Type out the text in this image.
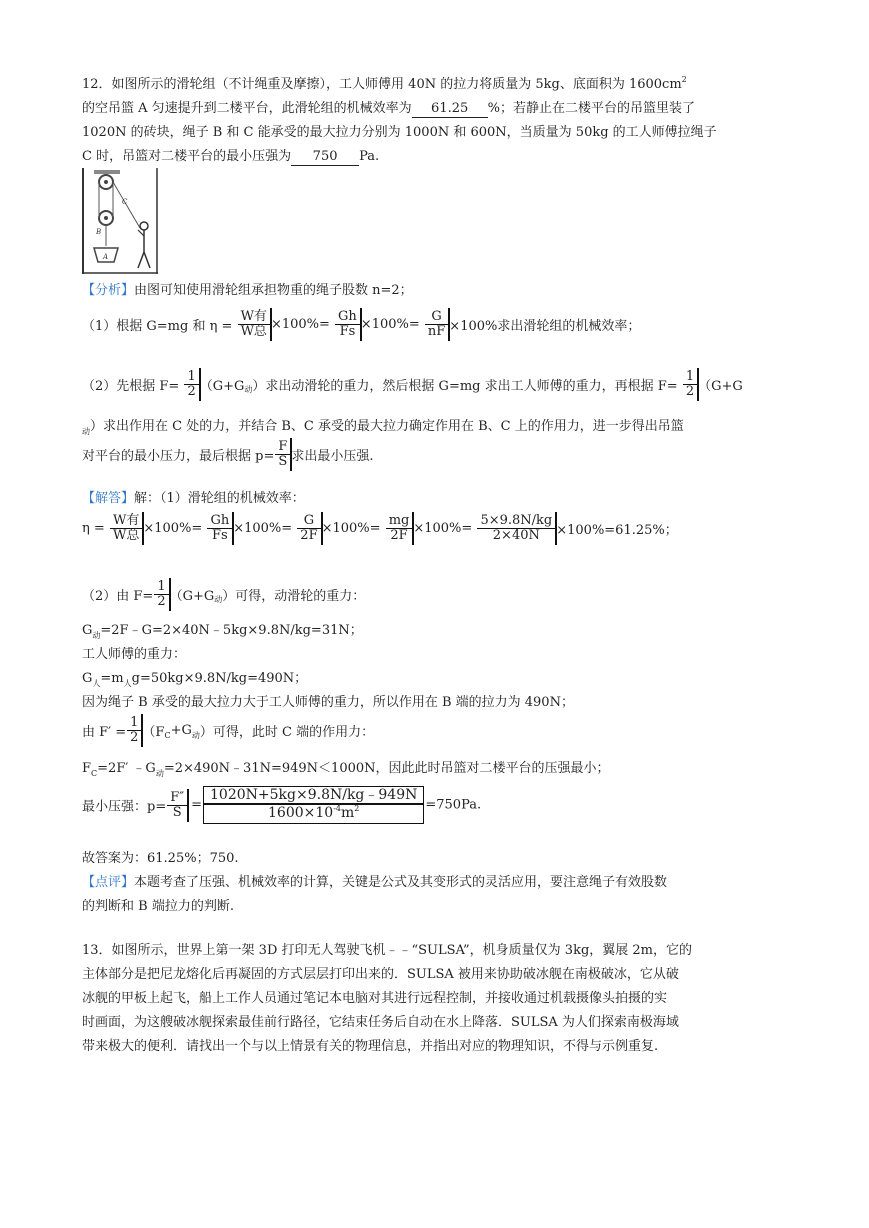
12．如图所示的滑轮组（不计绳重及摩擦），工人师傅用 40N 的拉力将质量为 5kg、底面积为 $1600cm^2$
的空吊篮 A 匀速提升到二楼平台，此滑轮组的机械效率为 61.25 %；若静止在二楼平台的吊篮里装了
1020N 的砖块，绳子 B 和 C 能承受的最大拉力分别为 1000N 和 600N，当质量为 50kg 的工人师傅拉绳子
C 时，吊篮对二楼平台的最小压强为 750 Pa.
C
B
A
【分析】由图可知使用滑轮组承担物重的绳子股数 n=2；
（1）根据 G=mg 和 η =
W有
W总 $\times 100\%= \frac{Gh}{Fs} \times 100\%= \frac{G}{nF} \times 100\%$求出滑轮组的机械效率；
（2）先根据 $F= \frac{1}{2} (G+G_动)$求出动滑轮的重力，然后根据 G=mg 求出工人师傅的重力，再根据 $F= \frac{1}{2} (G+G$
$_动$）求出作用在 C 处的力，并结合 B、C 承受的最大拉力确定作用在 B、C 上的作用力，进一步得出吊篮
对平台的最小压力，最后根据 $p= \frac{F}{S}$ 求出最小压强.
【解答】解：（1）滑轮组的机械效率：
η =
W有
W总 $\times 100\%= \frac{Gh}{Fs} \times 100\%= \frac{G}{2F} \times 100\%= \frac{mg}{2F} \times 100\%= \frac{5\times 9.8N/kg}{2\times 40N} \times 100\%=61.25\%$；
（2）由 $F= \frac{1}{2} (G+G_动)$可得，动滑轮的重力：
$G_动=2F﹣G=2\times 40N﹣5kg\times 9.8N/kg=31N$；
工人师傅的重力：
$G_人=m_人g=50kg\times 9.8N/kg=490N$；
因为绳子 B 承受的最大拉力大于工人师傅的重力，所以作用在 B 端的拉力为 490N；
由 $F' = \frac{1}{2} (F_C+G_动)$可得，此时 C 端的作用力：
$F_C=2F'$ $﹣G_动=2\times 490N﹣31N=949N<1000N$，因此此时吊篮对二楼平台的压强最小；
最小压强：$p= \frac{F''}{S} = \frac{1020N+5kg\times 9.8N/kg﹣949N}{1600\times 10^{-4}m^2} =750Pa$.
故答案为：61.25%；750.
【点评】本题考查了压强、机械效率的计算，关键是公式及其变形式的灵活应用，要注意绳子有效股数
的判断和 B 端拉力的判断.
13．如图所示，世界上第一架 3D 打印无人驾驶飞机﹣﹣“SULSA”，机身质量仅为 3kg，翼展 2m，它的
主体部分是把尼龙熔化后再凝固的方式层层打印出来的．SULSA 被用来协助破冰舰在南极破冰，它从破
冰舰的甲板上起飞，船上工作人员通过笔记本电脑对其进行远程控制，并接收通过机载摄像头拍摄的实
时画面，为这艘破冰舰探索最佳前行路径，它结束任务后自动在水上降落．SULSA 为人们探索南极海域
带来极大的便利．请找出一个与以上情景有关的物理信息，并指出对应的物理知识，不得与示例重复.
